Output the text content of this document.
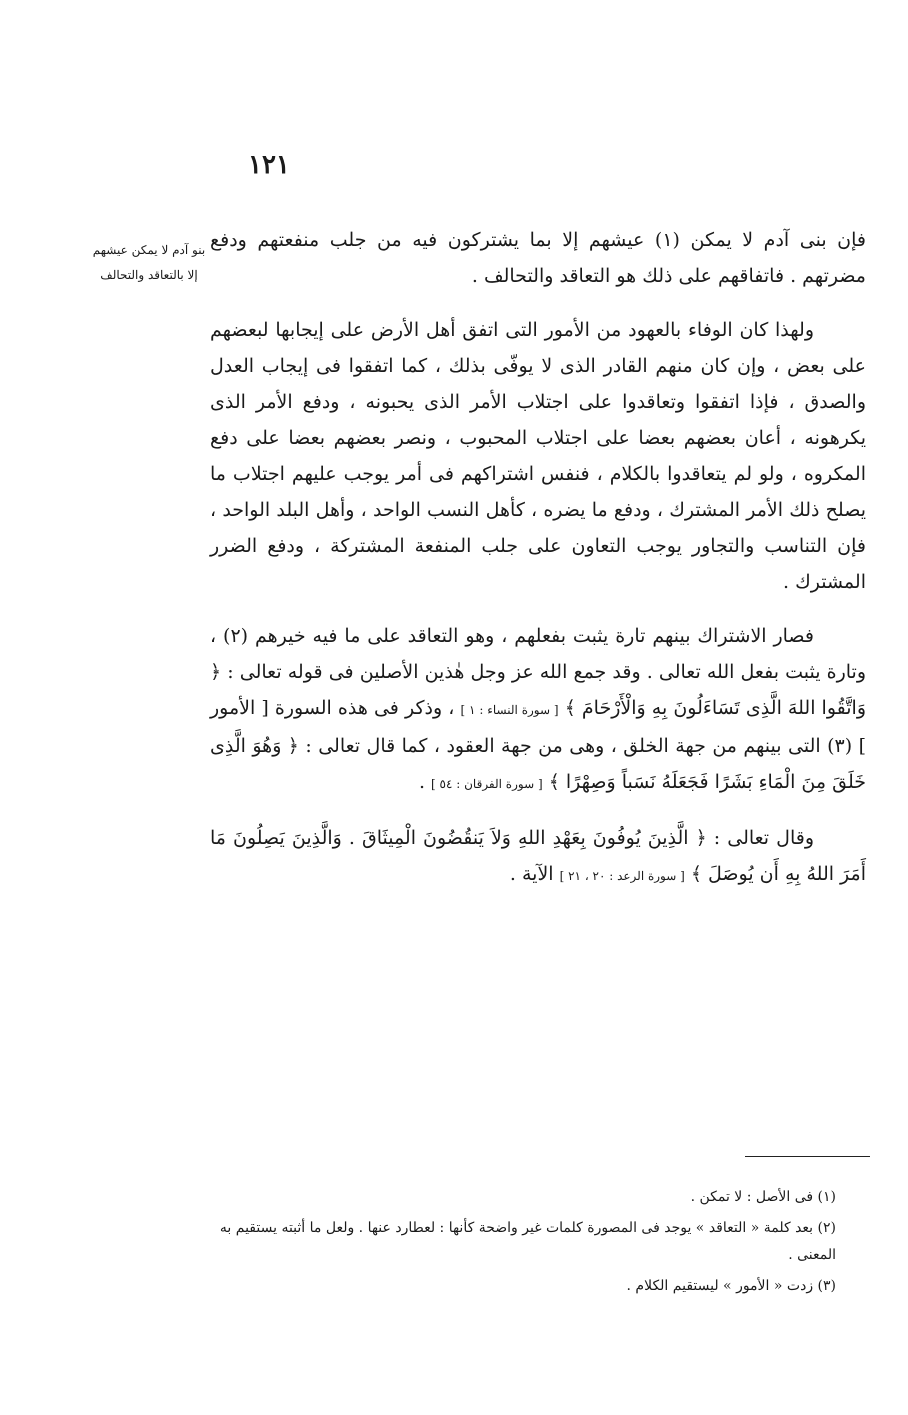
١٢١
بنو آدم لا يمكن عيشهم إلا بالتعاقد والتحالف

فإن بنى آدم لا يمكن (١) عيشهم إلا بما يشتركون فيه من جلب منفعتهم ودفع مضرتهم . فاتفاقهم على ذلك هو التعاقد والتحالف .

ولهذا كان الوفاء بالعهود من الأمور التى اتفق أهل الأرض على إيجابها لبعضهم على بعض ، وإن كان منهم القادر الذى لا يوفّى بذلك ، كما اتفقوا فى إيجاب العدل والصدق ، فإذا اتفقوا وتعاقدوا على اجتلاب الأمر الذى يحبونه ، ودفع الأمر الذى يكرهونه ، أعان بعضهم بعضا على اجتلاب المحبوب ، ونصر بعضهم بعضا على دفع المكروه ، ولو لم يتعاقدوا بالكلام ، فنفس اشتراكهم فى أمر يوجب عليهم اجتلاب ما يصلح ذلك الأمر المشترك ، ودفع ما يضره ، كأهل النسب الواحد ، وأهل البلد الواحد ، فإن التناسب والتجاور يوجب التعاون على جلب المنفعة المشتركة ، ودفع الضرر المشترك .

فصار الاشتراك بينهم تارة يثبت بفعلهم ، وهو التعاقد على ما فيه خيرهم (٢) ، وتارة يثبت بفعل الله تعالى . وقد جمع الله عز وجل هٰذين الأصلين فى قوله تعالى : ﴿ وَاتَّقُوا اللهَ الَّذِى تَسَاءَلُونَ بِهِ وَالْأَرْحَامَ ﴾ [ سورة النساء : ١ ] ، وذكر فى هذه السورة [ الأمور ] (٣) التى بينهم من جهة الخلق ، وهى من جهة العقود ، كما قال تعالى : ﴿ وَهُوَ الَّذِى خَلَقَ مِنَ الْمَاءِ بَشَرًا فَجَعَلَهُ نَسَباً وَصِهْرًا ﴾ [ سورة الفرقان : ٥٤ ] .

وقال تعالى : ﴿ الَّذِينَ يُوفُونَ بِعَهْدِ اللهِ وَلاَ يَنقُضُونَ الْمِيثَاقَ . وَالَّذِينَ يَصِلُونَ مَا أَمَرَ اللهُ بِهِ أَن يُوصَلَ ﴾ [ سورة الرعد : ٢٠ ، ٢١ ] الآية .

(١) فى الأصل : لا تمكن .

(٢) بعد كلمة « التعاقد » يوجد فى المصورة كلمات غير واضحة كأنها : لعطارد عنها . ولعل ما أثبته يستقيم به المعنى .

(٣) زدت « الأمور » ليستقيم الكلام .
